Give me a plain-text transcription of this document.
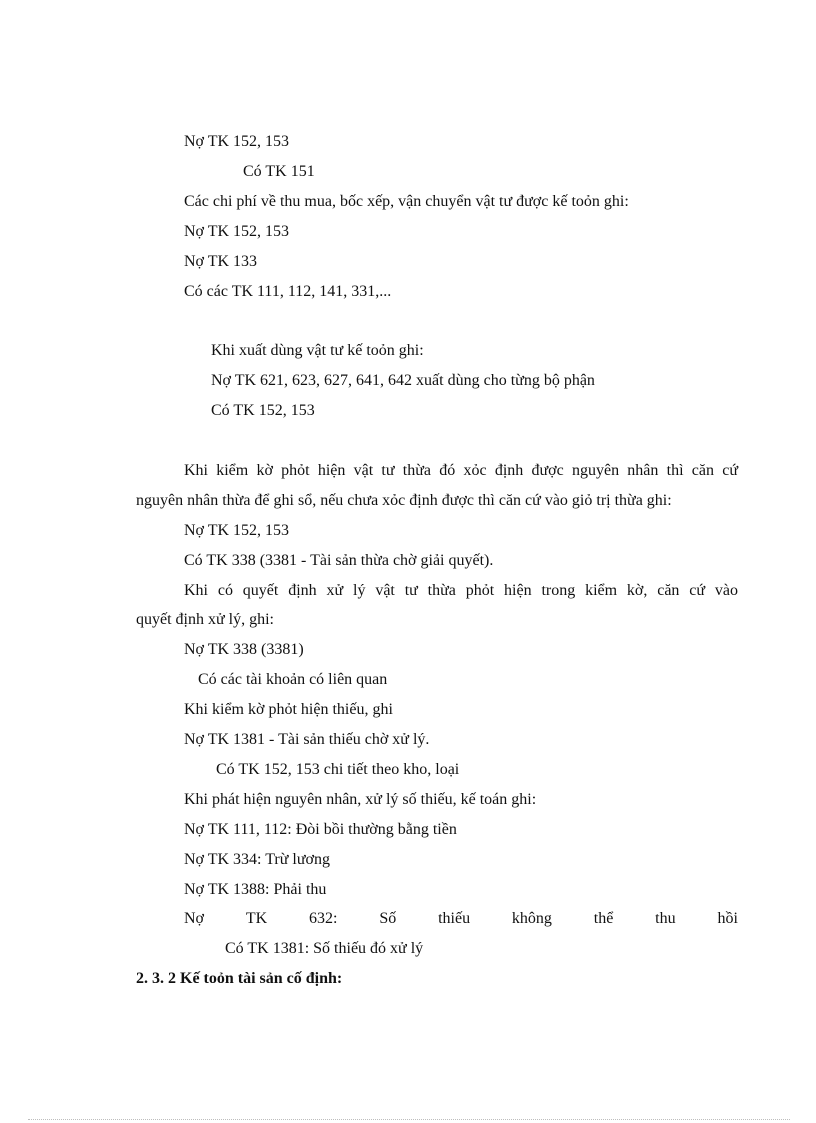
Nợ TK 152, 153
Có TK 151
Các chi phí về thu mua, bốc xếp, vận chuyển vật tư được kế toỏn ghi:
Nợ TK 152, 153
Nợ TK 133
Có các TK 111, 112, 141, 331,...
Khi xuất dùng vật tư kế toỏn ghi:
Nợ TK 621, 623, 627, 641, 642 xuất dùng cho từng bộ phận
Có TK 152, 153
Khi kiểm kờ phỏt hiện vật tư thừa đó xỏc định được nguyên nhân thì căn cứ
nguyên nhân thừa để ghi sổ, nếu chưa xỏc định được thì căn cứ vào giỏ trị thừa ghi:
Nợ TK 152, 153
Có TK 338 (3381 - Tài sản thừa chờ giải quyết).
Khi có quyết định xử lý vật tư thừa phỏt hiện trong kiểm kờ, căn cứ vào
quyết định xử lý, ghi:
Nợ TK 338 (3381)
Có các tài khoản có liên quan
Khi kiểm kờ phỏt hiện thiếu, ghi
Nợ TK 1381 - Tài sản thiếu chờ xử lý.
Có TK 152, 153 chi tiết theo kho, loại
Khi phát hiện nguyên nhân, xử lý số thiếu, kế toán ghi:
Nợ TK 111, 112: Đòi bồi thường bằng tiền
Nợ TK 334: Trừ lương
Nợ TK 1388: Phải thu
Nợ	TK	632:	Số	thiếu	không	thể	thu	hồi
Có TK 1381: Số thiếu đó xử lý
2. 3. 2 Kế toỏn tài sản cố định:
